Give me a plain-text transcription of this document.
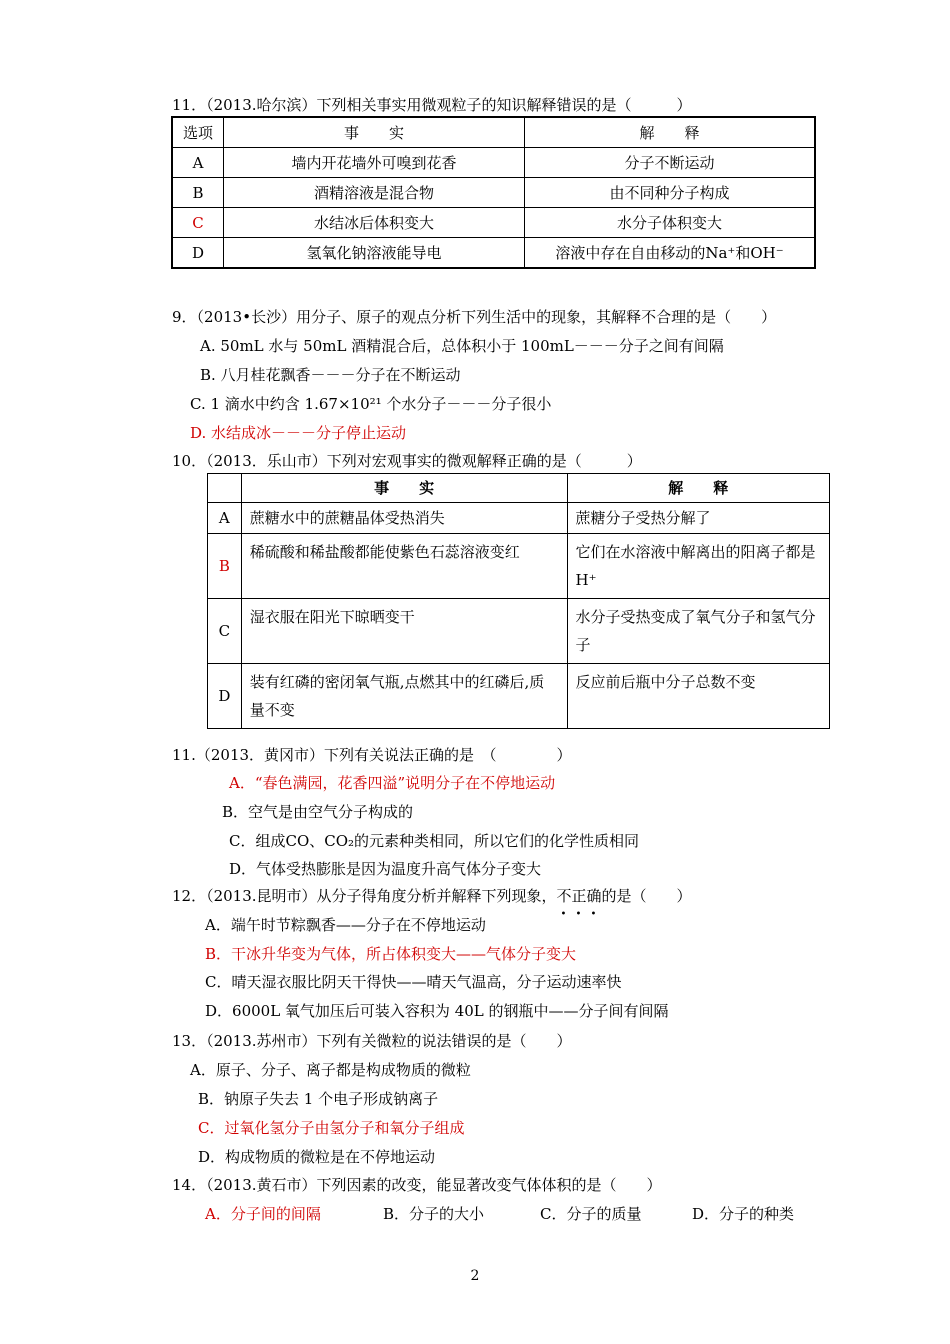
11．（2013.哈尔滨）下列相关事实用微观粒子的知识解释错误的是（　　　）
选项	事　　实	解　　释
A	墙内开花墙外可嗅到花香	分子不断运动
B	酒精溶液是混合物	由不同种分子构成
C	水结冰后体积变大	水分子体积变大
D	氢氧化钠溶液能导电	溶液中存在自由移动的Na⁺和OH⁻
9．（2013•长沙）用分子、原子的观点分析下列生活中的现象，其解释不合理的是（　　）
A. 50mL 水与 50mL 酒精混合后，总体积小于 100mL－－－分子之间有间隔
B. 八月桂花飘香－－－分子在不断运动
C. 1 滴水中约含 1.67×10²¹ 个水分子－－－分子很小
D. 水结成冰－－－分子停止运动
10．（2013．乐山市）下列对宏观事实的微观解释正确的是（　　　）
	事　　实	解　　释
A	蔗糖水中的蔗糖晶体受热消失	蔗糖分子受热分解了
B	稀硫酸和稀盐酸都能使紫色石蕊溶液变红	它们在水溶液中解离出的阳离子都是 H⁺
C	湿衣服在阳光下晾晒变干	水分子受热变成了氧气分子和氢气分子
D	装有红磷的密闭氧气瓶,点燃其中的红磷后,质量不变	反应前后瓶中分子总数不变
11.（2013．黄冈市）下列有关说法正确的是　（　　　　）
A．“春色满园，花香四溢”说明分子在不停地运动
B．空气是由空气分子构成的
C．组成CO、CO₂的元素种类相同，所以它们的化学性质相同
D．气体受热膨胀是因为温度升高气体分子变大
12．（2013.昆明市）从分子得角度分析并解释下列现象，不正确
• • •
的是（　　）
A．端午时节粽飘香——分子在不停地运动
B．干冰升华变为气体，所占体积变大——气体分子变大
C．晴天湿衣服比阴天干得快——晴天气温高，分子运动速率快
D．6000L 氧气加压后可装入容积为 40L 的钢瓶中——分子间有间隔
13．（2013.苏州市）下列有关微粒的说法错误的是（　　）
A．原子、分子、离子都是构成物质的微粒
B．钠原子失去 1 个电子形成钠离子
C．过氧化氢分子由氢分子和氧分子组成
D．构成物质的微粒是在不停地运动
14．（2013.黄石市）下列因素的改变，能显著改变气体体积的是（　　）
A．分子间的间隔	B．分子的大小	C．分子的质量	D．分子的种类
2
